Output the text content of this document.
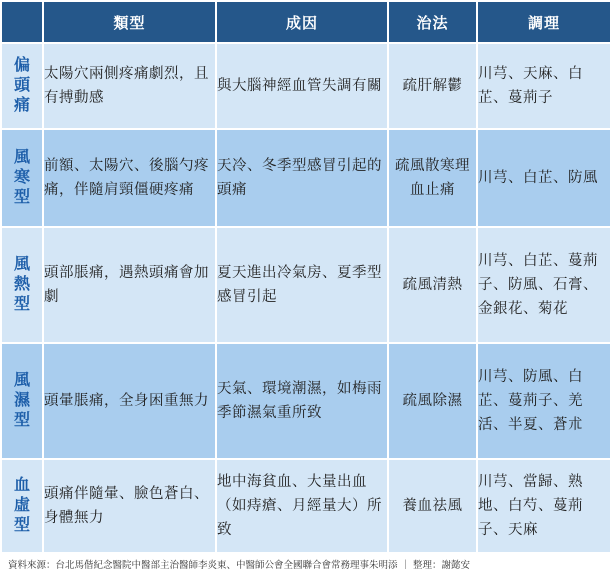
	類型	成因	治法	調理
偏頭痛	太陽穴兩側疼痛劇烈，且有搏動感	與大腦神經血管失調有關	疏肝解鬱	川芎、天麻、白芷、蔓荊子
風寒型	前額、太陽穴、後腦勺疼痛，伴隨肩頸僵硬疼痛	天冷、冬季型感冒引起的頭痛	疏風散寒理血止痛	川芎、白芷、防風
風熱型	頭部脹痛，遇熱頭痛會加劇	夏天進出冷氣房、夏季型感冒引起	疏風清熱	川芎、白芷、蔓荊子、防風、石膏、金銀花、菊花
風濕型	頭暈脹痛，全身困重無力	天氣、環境潮濕，如梅雨季節濕氣重所致	疏風除濕	川芎、防風、白芷、蔓荊子、羌活、半夏、蒼朮
血虛型	頭痛伴隨暈、臉色蒼白、身體無力	地中海貧血、大量出血（如痔瘡、月經量大）所致	養血祛風	川芎、當歸、熟地、白芍、蔓荊子、天麻
資料來源：台北馬偕紀念醫院中醫部主治醫師李炎東、中醫師公會全國聯合會常務理事朱明添 ｜ 整理：謝懿安
